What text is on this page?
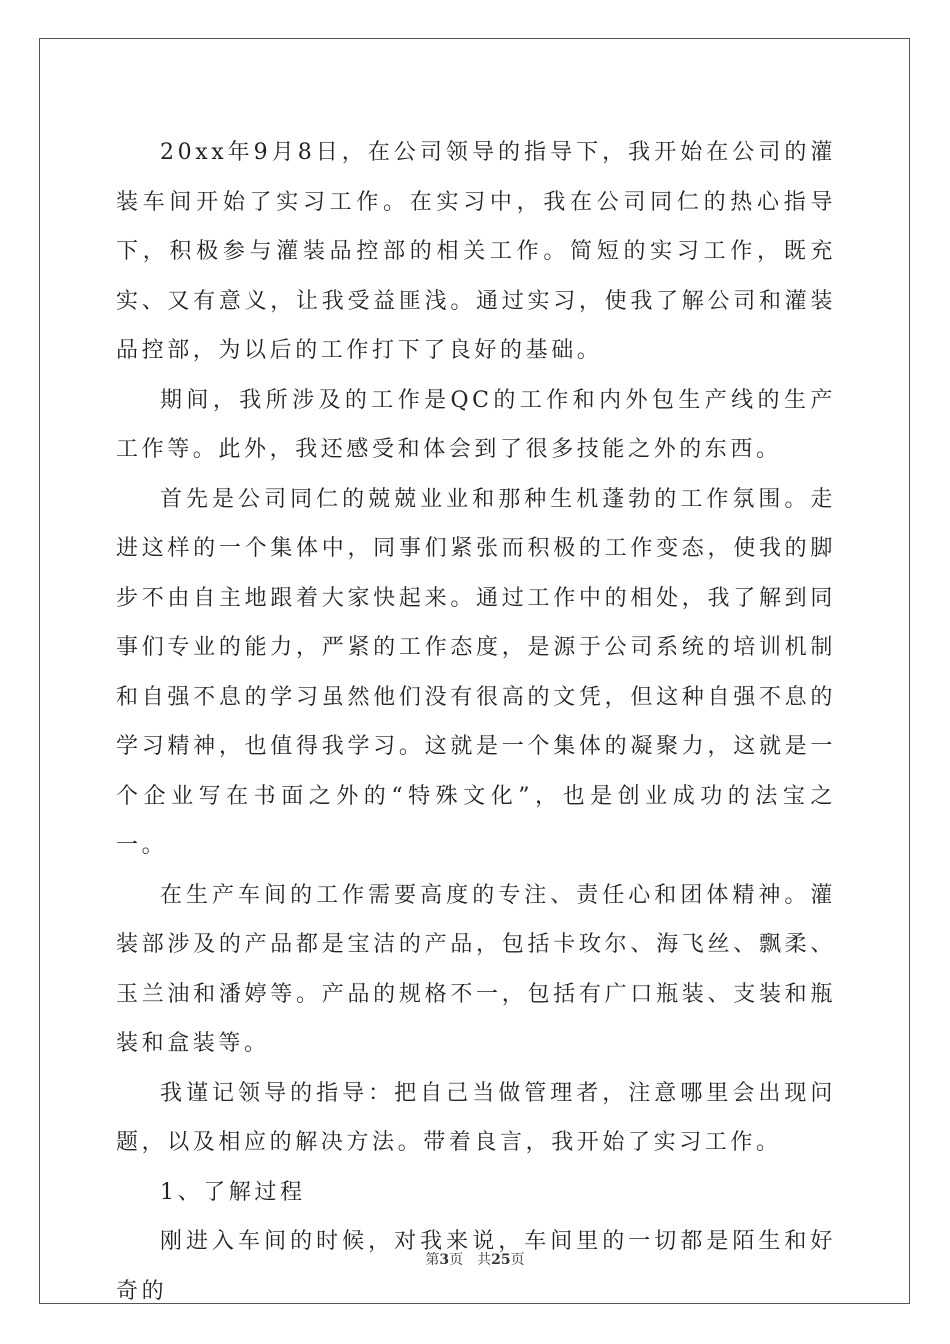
20xx年9月8日，在公司领导的指导下，我开始在公司的灌装车间开始了实习工作。在实习中，我在公司同仁的热心指导下，积极参与灌装品控部的相关工作。简短的实习工作，既充实、又有意义，让我受益匪浅。通过实习，使我了解公司和灌装品控部，为以后的工作打下了良好的基础。

期间，我所涉及的工作是QC的工作和内外包生产线的生产工作等。此外，我还感受和体会到了很多技能之外的东西。

首先是公司同仁的兢兢业业和那种生机蓬勃的工作氛围。走进这样的一个集体中，同事们紧张而积极的工作变态，使我的脚步不由自主地跟着大家快起来。通过工作中的相处，我了解到同事们专业的能力，严紧的工作态度，是源于公司系统的培训机制和自强不息的学习虽然他们没有很高的文凭，但这种自强不息的学习精神，也值得我学习。这就是一个集体的凝聚力，这就是一个企业写在书面之外的“特殊文化”，也是创业成功的法宝之一。

在生产车间的工作需要高度的专注、责任心和团体精神。灌装部涉及的产品都是宝洁的产品，包括卡玫尔、海飞丝、飘柔、玉兰油和潘婷等。产品的规格不一，包括有广口瓶装、支装和瓶装和盒装等。

我谨记领导的指导：把自己当做管理者，注意哪里会出现问题，以及相应的解决方法。带着良言，我开始了实习工作。

1、了解过程

刚进入车间的时候，对我来说，车间里的一切都是陌生和好奇的

第3页　共25页
